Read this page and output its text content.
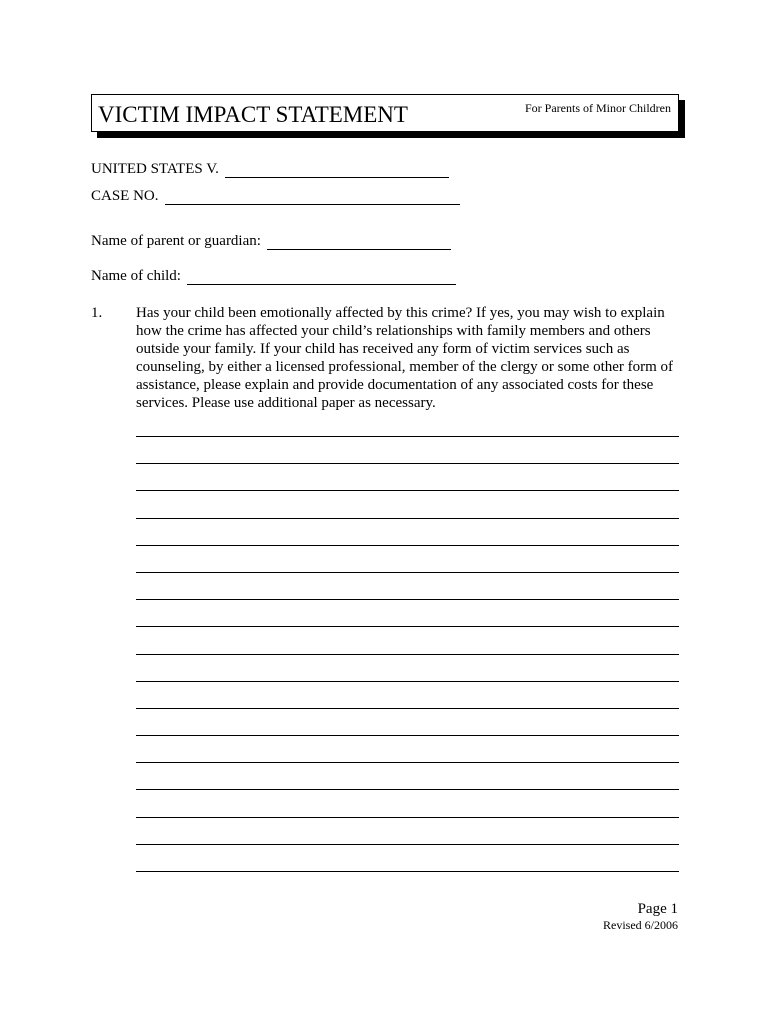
VICTIM IMPACT STATEMENT	For Parents of Minor Children
UNITED STATES V.
CASE NO.
Name of parent or guardian:
Name of child:
1. Has your child been emotionally affected by this crime? If yes, you may wish to explain
how the crime has affected your child’s relationships with family members and others
outside your family. If your child has received any form of victim services such as
counseling, by either a licensed professional, member of the clergy or some other form of
assistance, please explain and provide documentation of any associated costs for these
services. Please use additional paper as necessary.
Page 1
Revised 6/2006
